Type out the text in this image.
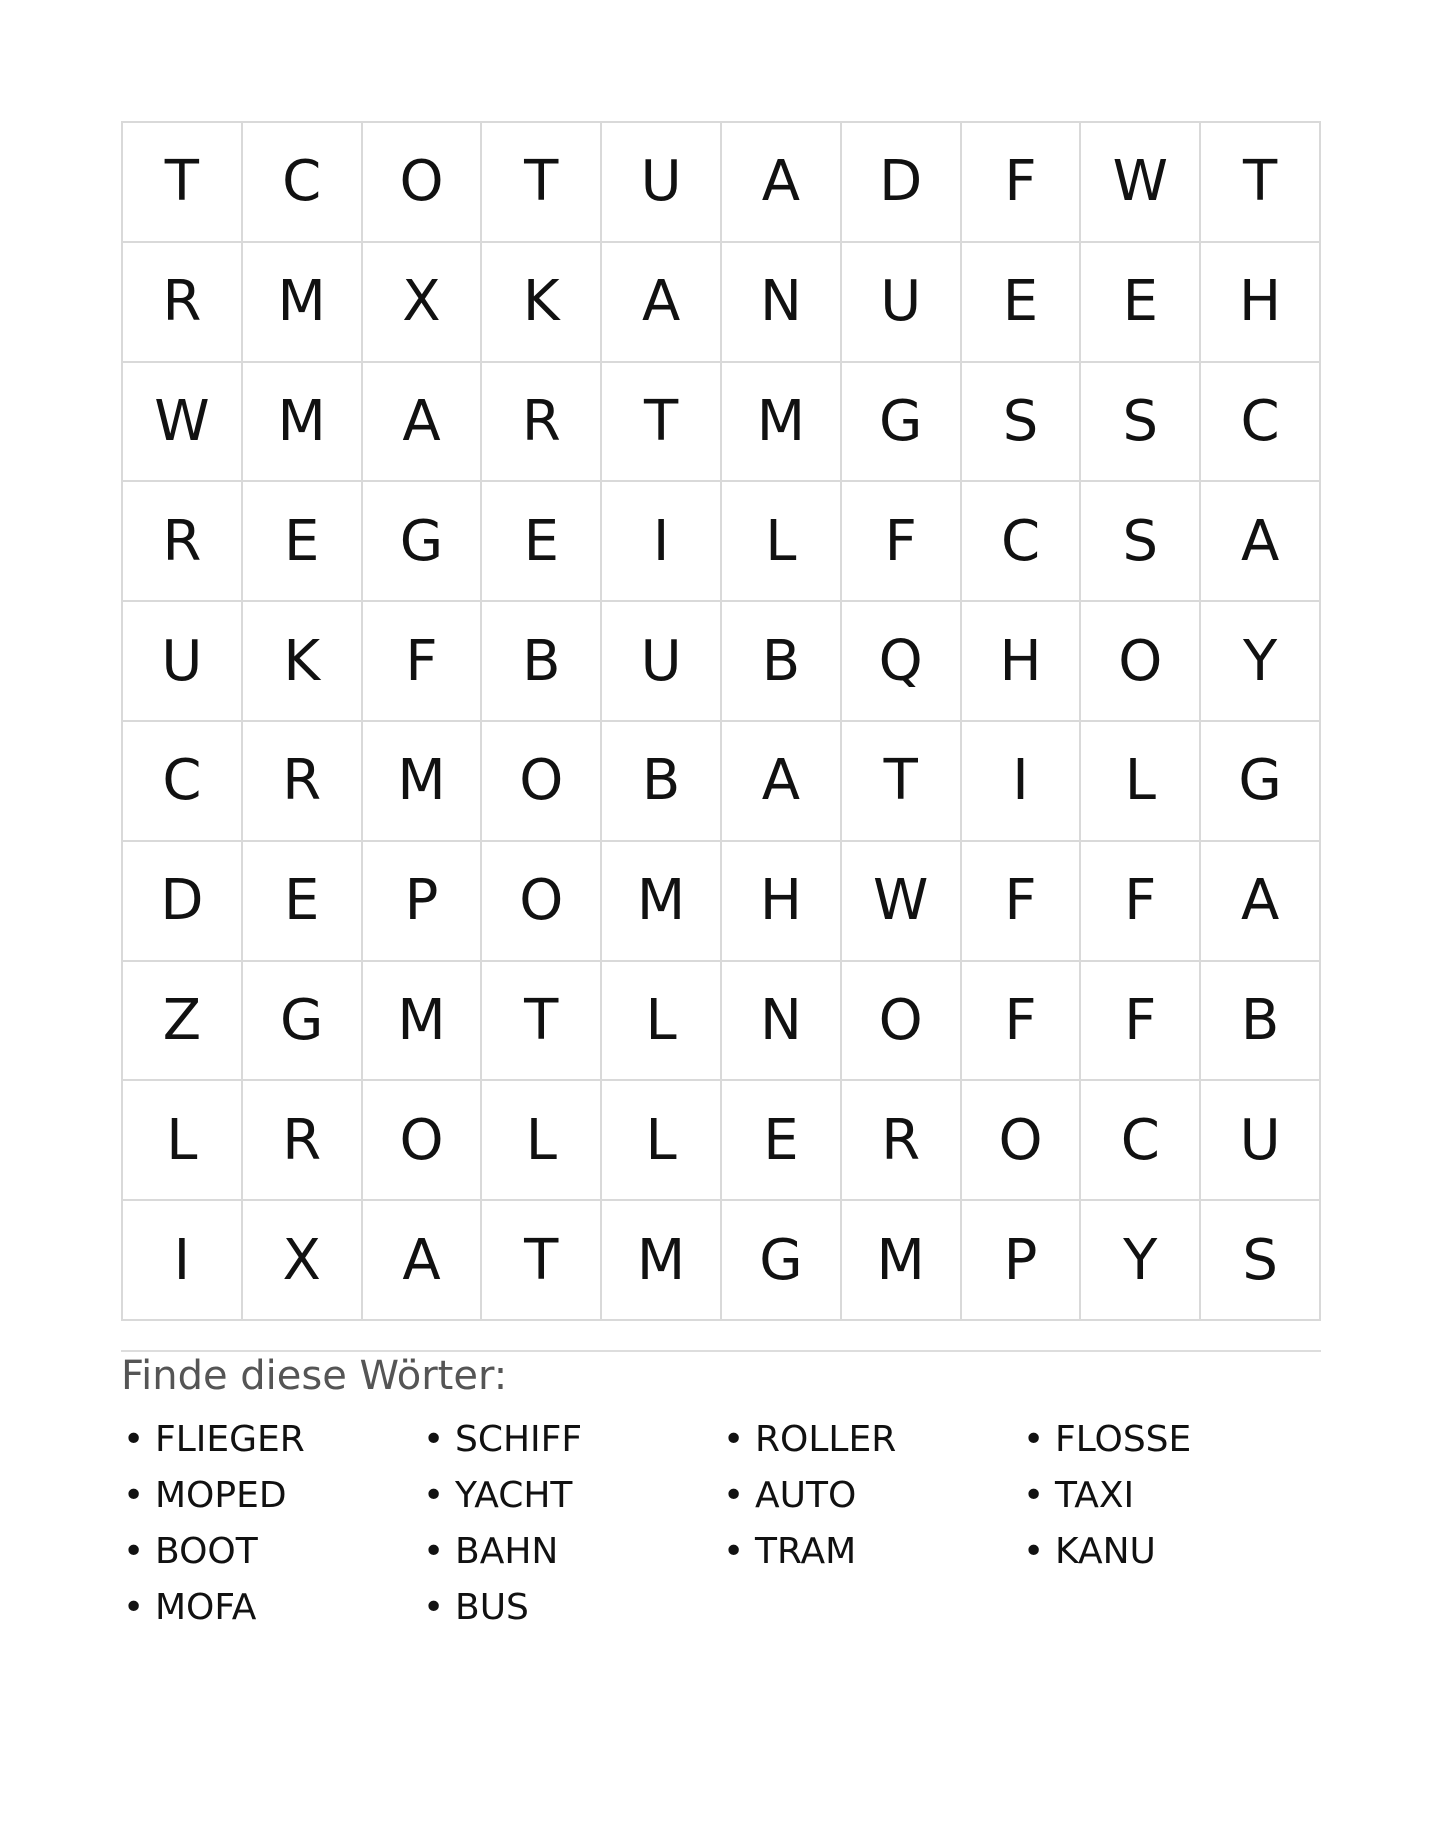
T	C	O	T	U	A	D	F	W	T
R	M	X	K	A	N	U	E	E	H
W	M	A	R	T	M	G	S	S	C
R	E	G	E	I	L	F	C	S	A
U	K	F	B	U	B	Q	H	O	Y
C	R	M	O	B	A	T	I	L	G
D	E	P	O	M	H	W	F	F	A
Z	G	M	T	L	N	O	F	F	B
L	R	O	L	L	E	R	O	C	U
I	X	A	T	M	G	M	P	Y	S
Finde diese Wörter:
• FLIEGER	• SCHIFF	• ROLLER	• FLOSSE
• MOPED	• YACHT	• AUTO	• TAXI
• BOOT	• BAHN	• TRAM	• KANU
• MOFA	• BUS
